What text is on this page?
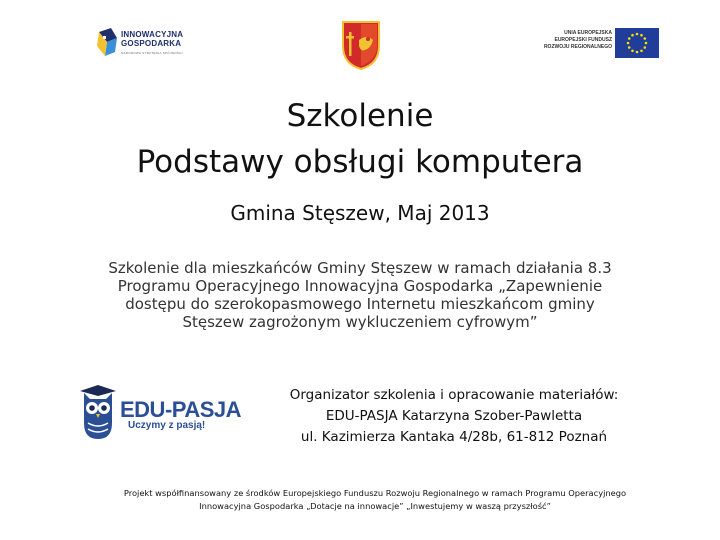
INNOWACYJNA
GOSPODARKA
NARODOWA STRATEGIA SPÓJNOŚCI
UNIA EUROPEJSKA
EUROPEJSKI FUNDUSZ
ROZWOJU REGIONALNEGO
Szkolenie
Podstawy obsługi komputera
Gmina Stęszew, Maj 2013
Szkolenie dla mieszkańców Gminy Stęszew w ramach działania 8.3
Programu Operacyjnego Innowacyjna Gospodarka „Zapewnienie
dostępu do szerokopasmowego Internetu mieszkańcom gminy
Stęszew zagrożonym wykluczeniem cyfrowym”
EDU-PASJA
Uczymy z pasją!
Organizator szkolenia i opracowanie materiałów:
EDU-PASJA Katarzyna Szober-Pawletta
ul. Kazimierza Kantaka 4/28b, 61-812 Poznań
Projekt współfinansowany ze środków Europejskiego Funduszu Rozwoju Regionalnego w ramach Programu Operacyjnego
Innowacyjna Gospodarka „Dotacje na innowacje” „Inwestujemy w waszą przyszłość”
